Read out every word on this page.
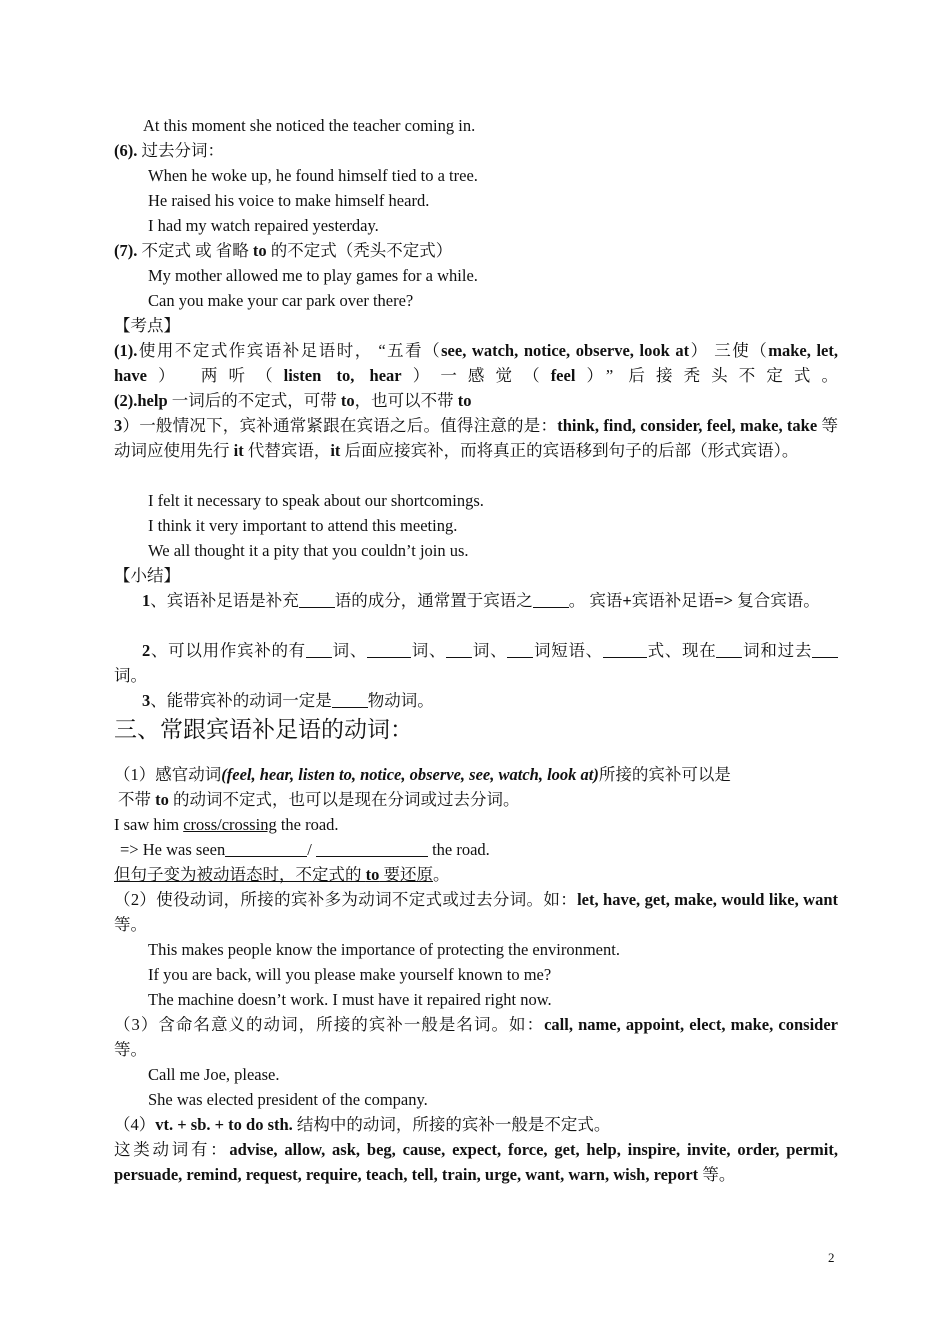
At this moment she noticed the teacher coming in.
(6). 过去分词：
When he woke up, he found himself tied to a tree.
He raised his voice to make himself heard.
I had my watch repaired yesterday.
(7). 不定式 或 省略 to 的不定式（秃头不定式）
My mother allowed me to play games for a while.
Can you make your car park over there?
【考点】
(1).使用不定式作宾语补足语时， “五看（see, watch, notice, observe, look at） 三使（make, let, have） 两听（listen to, hear）一感觉（feel）” 后接秃头不定式。
(2).help 一词后的不定式，可带 to，也可以不带 to
3）一般情况下，宾补通常紧跟在宾语之后。值得注意的是：think, find, consider, feel, make, take 等动词应使用先行 it 代替宾语，it 后面应接宾补，而将真正的宾语移到句子的后部（形式宾语）。
I felt it necessary to speak about our shortcomings.
I think it very important to attend this meeting.
We all thought it a pity that you couldn’t join us.
【小结】
1、宾语补足语是补充 语的成分，通常置于宾语之 。 宾语+宾语补足语=> 复合宾语。
2、可以用作宾补的有 词、	词、 词、 词短语、	式、现在 词和过去词。
3、能带宾补的动词一定是 物动词。
三、常跟宾语补足语的动词：
（1）感官动词(feel, hear, listen to, notice, observe, see, watch, look at)所接的宾补可以是
不带 to 的动词不定式，也可以是现在分词或过去分词。
I saw him cross/crossing the road.
=> He was seen	/	the road.
但句子变为被动语态时，不定式的 to 要还原。
（2）使役动词，所接的宾补多为动词不定式或过去分词。如：let, have, get, make, would like, want 等。
This makes people know the importance of protecting the environment.
If you are back, will you please make yourself known to me?
The machine doesn’t work. I must have it repaired right now.
（3）含命名意义的动词，所接的宾补一般是名词。如：call, name, appoint, elect, make, consider 等。
Call me Joe, please.
She was elected president of the company.
（4）vt. + sb. + to do sth. 结构中的动词，所接的宾补一般是不定式。
这类动词有：advise, allow, ask, beg, cause, expect, force, get, help, inspire, invite, order, permit, persuade, remind, request, require, teach, tell, train, urge, want, warn, wish, report 等。
2
